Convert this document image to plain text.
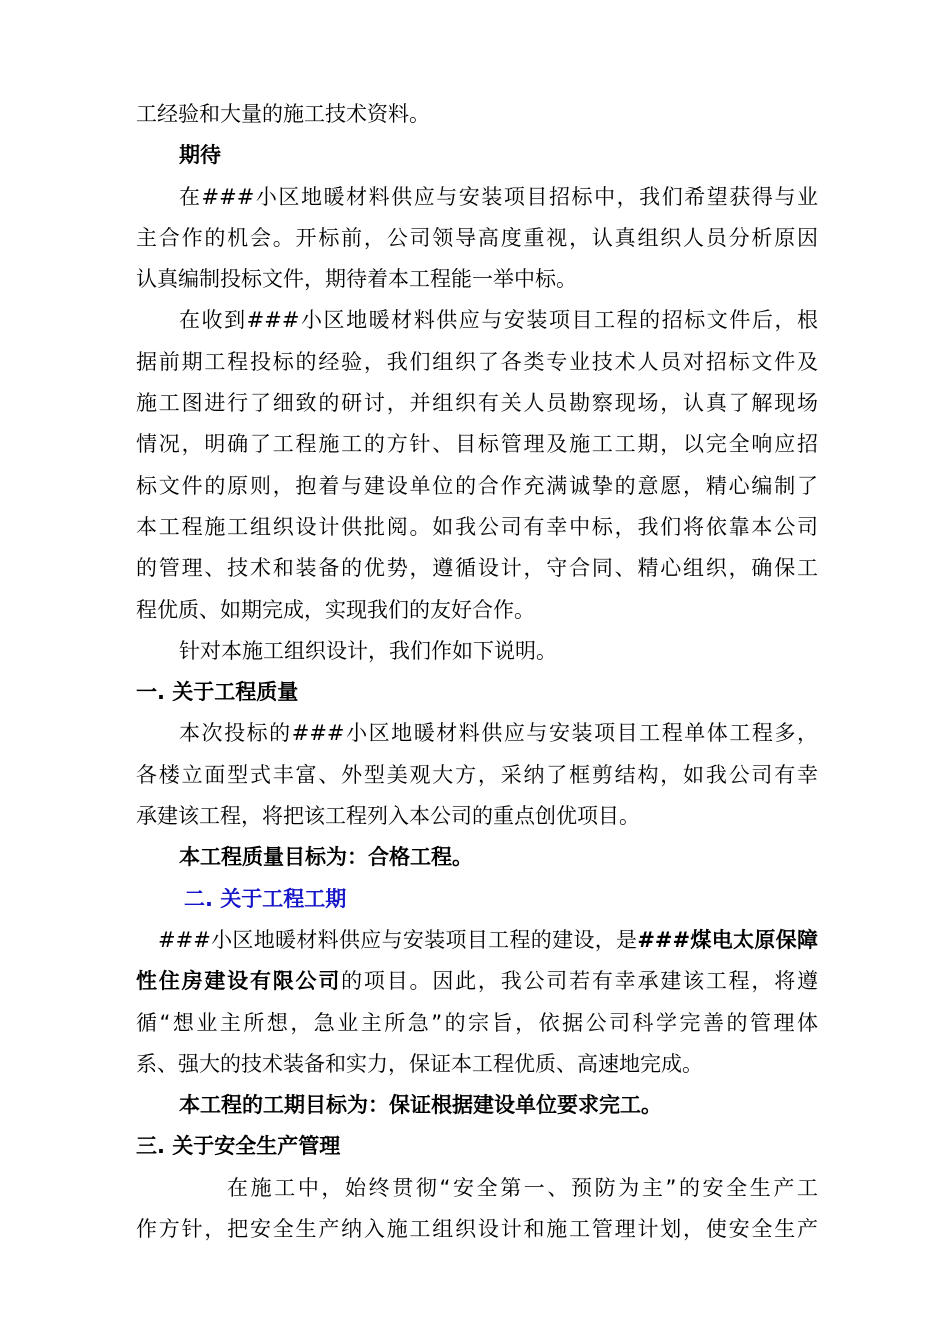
工经验和大量的施工技术资料。
期待
在###小区地暖材料供应与安装项目招标中，我们希望获得与业
主合作的机会。开标前，公司领导高度重视，认真组织人员分析原因
认真编制投标文件，期待着本工程能一举中标。
在收到###小区地暖材料供应与安装项目工程的招标文件后，根
据前期工程投标的经验，我们组织了各类专业技术人员对招标文件及
施工图进行了细致的研讨，并组织有关人员勘察现场，认真了解现场
情况，明确了工程施工的方针、目标管理及施工工期，以完全响应招
标文件的原则，抱着与建设单位的合作充满诚挚的意愿，精心编制了
本工程施工组织设计供批阅。如我公司有幸中标，我们将依靠本公司
的管理、技术和装备的优势，遵循设计，守合同、精心组织，确保工
程优质、如期完成，实现我们的友好合作。
针对本施工组织设计，我们作如下说明。
一. 关于工程质量
本次投标的###小区地暖材料供应与安装项目工程单体工程多，
各楼立面型式丰富、外型美观大方，采纳了框剪结构，如我公司有幸
承建该工程，将把该工程列入本公司的重点创优项目。
本工程质量目标为：合格工程。
二. 关于工程工期
###小区地暖材料供应与安装项目工程的建设，是###煤电太原保障
性住房建设有限公司的项目。因此，我公司若有幸承建该工程，将遵
循“想业主所想，急业主所急”的宗旨，依据公司科学完善的管理体
系、强大的技术装备和实力，保证本工程优质、高速地完成。
本工程的工期目标为：保证根据建设单位要求完工。
三. 关于安全生产管理
在施工中，始终贯彻“安全第一、预防为主”的安全生产工
作方针，把安全生产纳入施工组织设计和施工管理计划，使安全生产
